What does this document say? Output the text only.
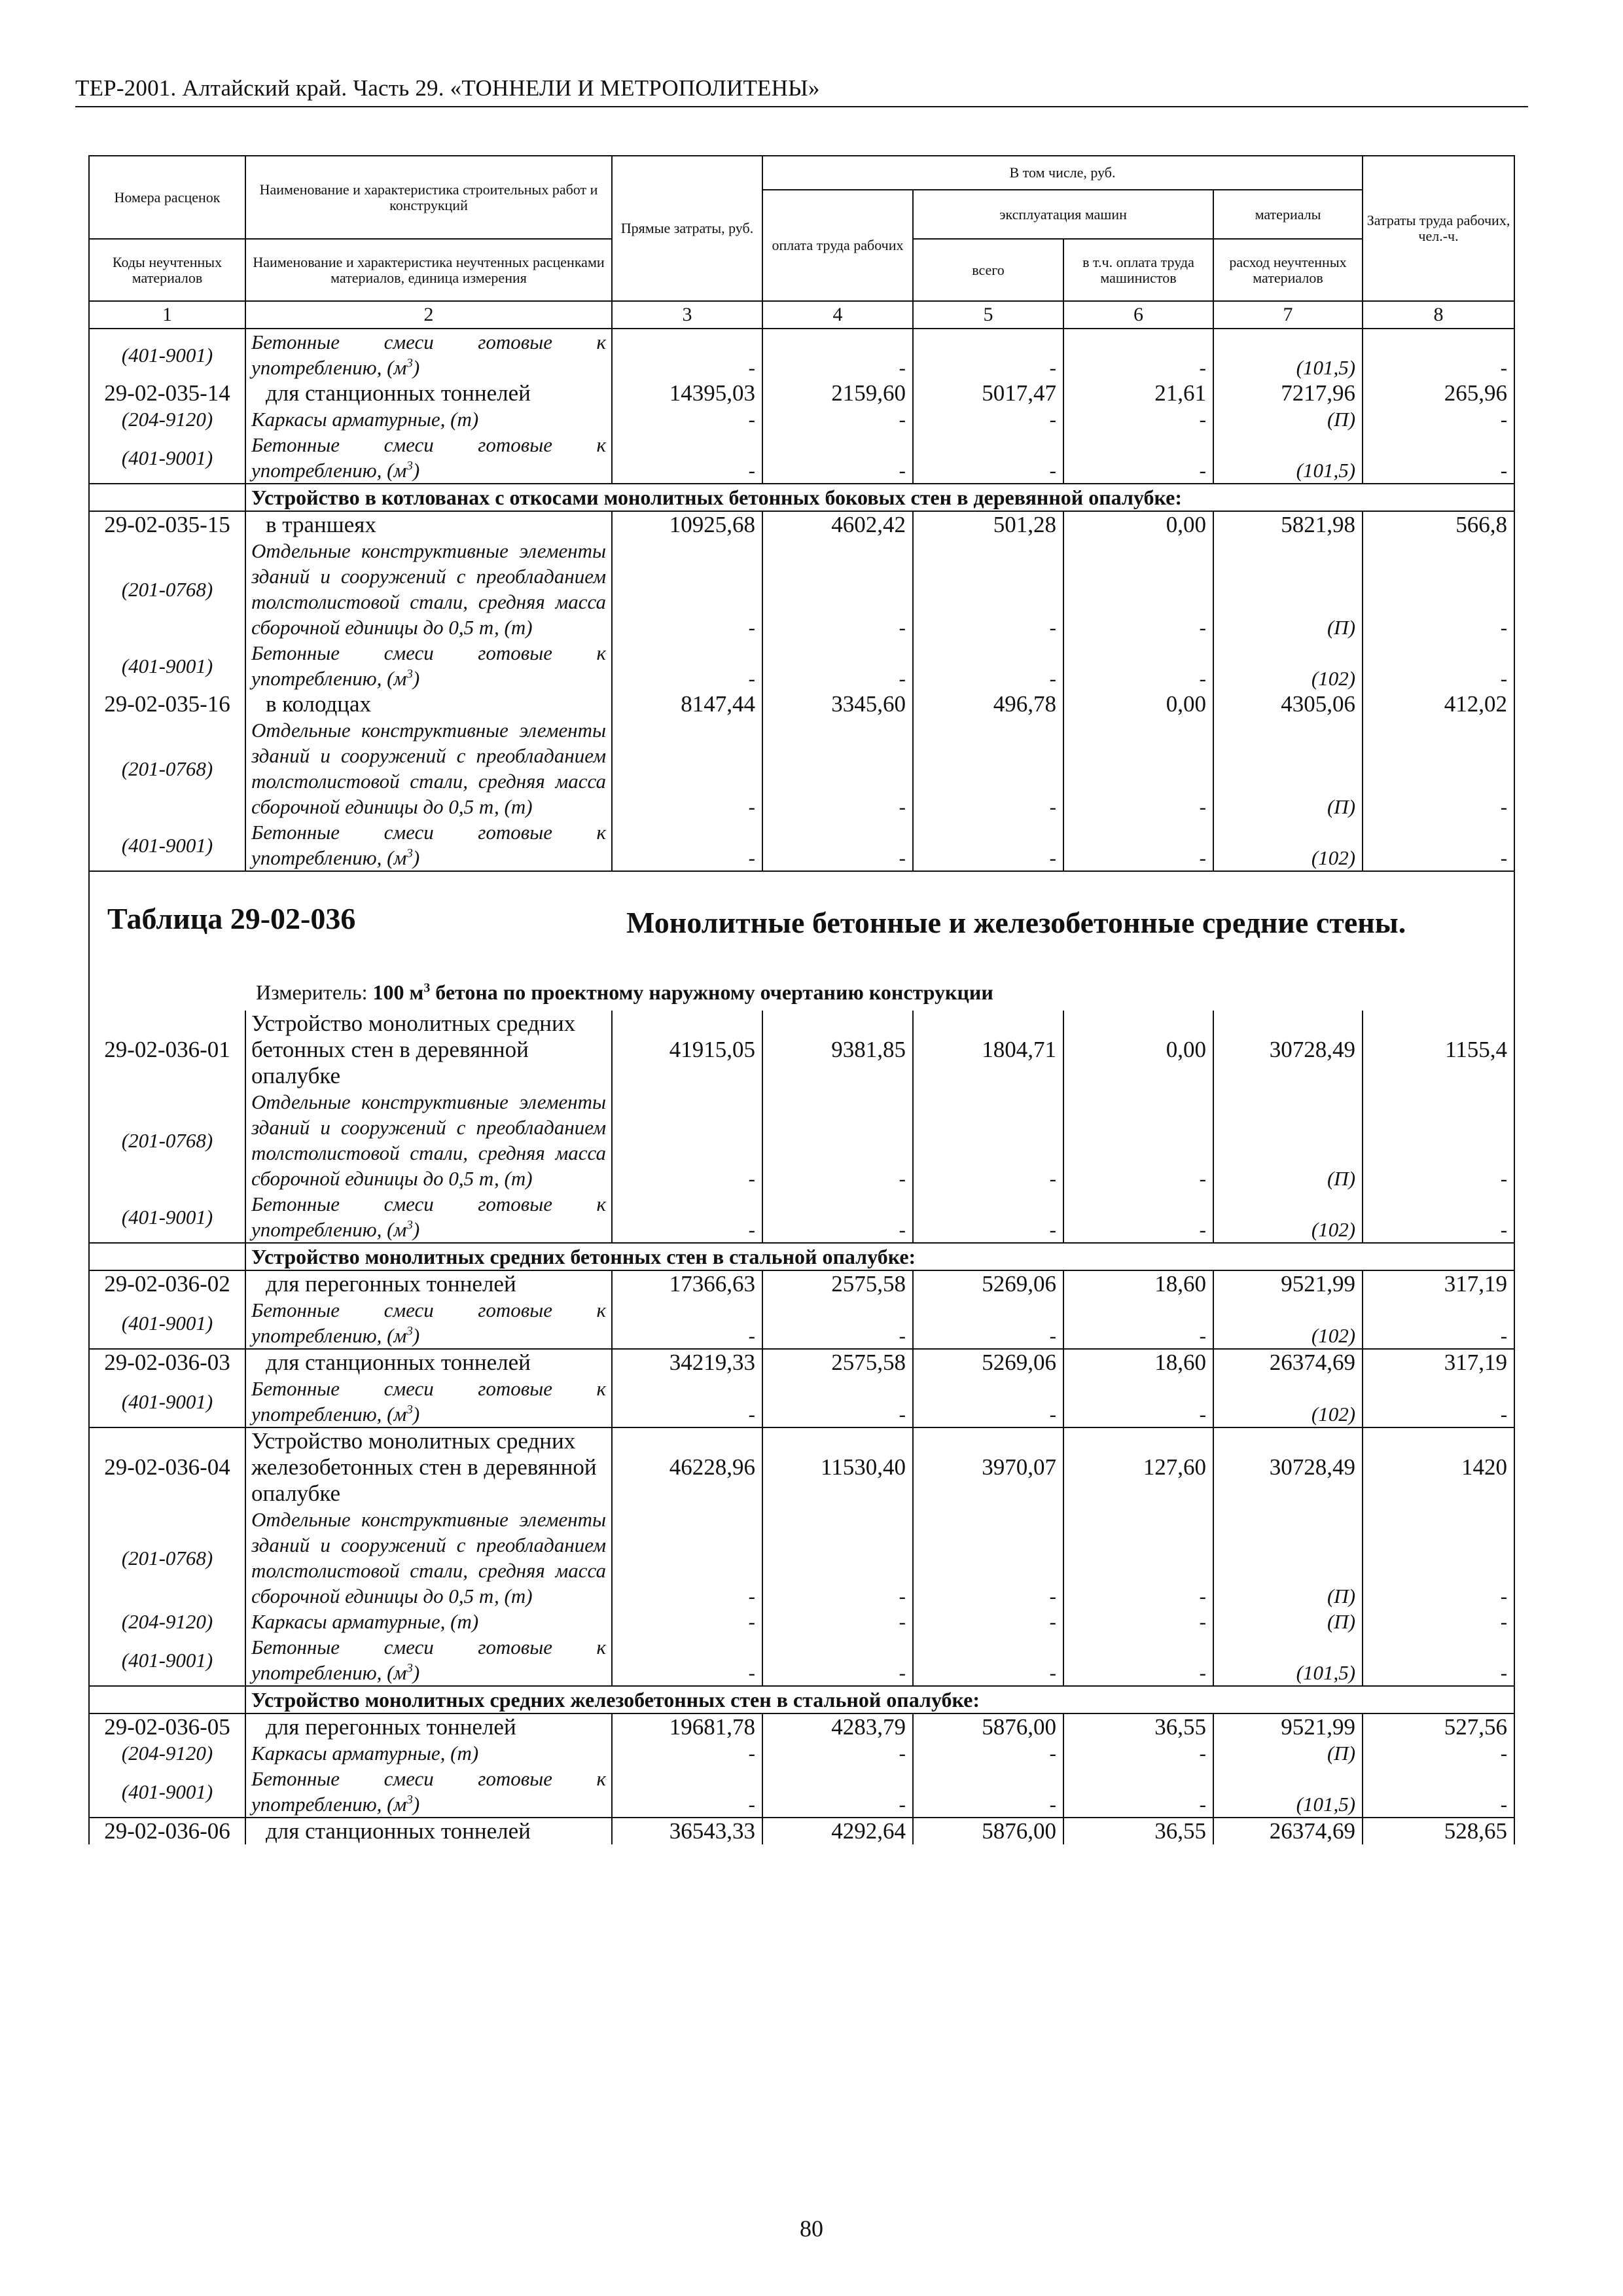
ТЕР-2001. Алтайский край. Часть 29. «ТОННЕЛИ И МЕТРОПОЛИТЕНЫ»
Номера расценок	Наименование и характеристика строительных работ и конструкций	Прямые затраты, руб.	В том числе, руб.				Затраты труда рабочих, чел.-ч.
			оплата труда рабочих	эксплуатация машин		материалы	
Коды неучтенных материалов	Наименование и характеристика неучтенных расценками материалов, единица измерения			всего	в т.ч. оплата труда машинистов	расход неучтенных материалов	
1	2	3	4	5	6	7	8
(401-9001)	Бетонные смеси готовые к употреблению, $(м^3)$	-	-	-	-	(101,5)	-
29-02-035-14	для станционных тоннелей	14395,03	2159,60	5017,47	21,61	7217,96	265,96
(204-9120)	Каркасы арматурные, (т)	-	-	-	-	(П)	-
(401-9001)	Бетонные смеси готовые к употреблению, $(м^3)$	-	-	-	-	(101,5)	-
	Устройство в котлованах с откосами монолитных бетонных боковых стен в деревянной опалубке:						
29-02-035-15	в траншеях	10925,68	4602,42	501,28	0,00	5821,98	566,8
(201-0768)	Отдельные конструктивные элементы зданий и сооружений с преобладанием толстолистовой стали, средняя масса сборочной единицы до 0,5 т, (т)	-	-	-	-	(П)	-
(401-9001)	Бетонные смеси готовые к употреблению, $(м^3)$	-	-	-	-	(102)	-
29-02-035-16	в колодцах	8147,44	3345,60	496,78	0,00	4305,06	412,02
(201-0768)	Отдельные конструктивные элементы зданий и сооружений с преобладанием толстолистовой стали, средняя масса сборочной единицы до 0,5 т, (т)	-	-	-	-	(П)	-
(401-9001)	Бетонные смеси готовые к употреблению, $(м^3)$	-	-	-	-	(102)	-

Таблица 29-02-036 Монолитные бетонные и железобетонные средние стены.
Измеритель: 100 $м^3$ бетона по проектному наружному очертанию конструкции							

29-02-036-01	Устройство монолитных средних бетонных стен в деревянной опалубке	41915,05	9381,85	1804,71	0,00	30728,49	1155,4
(201-0768)	Отдельные конструктивные элементы зданий и сооружений с преобладанием толстолистовой стали, средняя масса сборочной единицы до 0,5 т, (т)	-	-	-	-	(П)	-
(401-9001)	Бетонные смеси готовые к употреблению, $(м^3)$	-	-	-	-	(102)	-
	Устройство монолитных средних бетонных стен в стальной опалубке:						
29-02-036-02	для перегонных тоннелей	17366,63	2575,58	5269,06	18,60	9521,99	317,19
(401-9001)	Бетонные смеси готовые к употреблению, $(м^3)$	-	-	-	-	(102)	-
29-02-036-03	для станционных тоннелей	34219,33	2575,58	5269,06	18,60	26374,69	317,19
(401-9001)	Бетонные смеси готовые к употреблению, $(м^3)$	-	-	-	-	(102)	-
29-02-036-04	Устройство монолитных средних железобетонных стен в деревянной опалубке	46228,96	11530,40	3970,07	127,60	30728,49	1420
(201-0768)	Отдельные конструктивные элементы зданий и сооружений с преобладанием толстолистовой стали, средняя масса сборочной единицы до 0,5 т, (т)	-	-	-	-	(П)	-
(204-9120)	Каркасы арматурные, (т)	-	-	-	-	(П)	-
(401-9001)	Бетонные смеси готовые к употреблению, $(м^3)$	-	-	-	-	(101,5)	-
	Устройство монолитных средних железобетонных стен в стальной опалубке:						
29-02-036-05	для перегонных тоннелей	19681,78	4283,79	5876,00	36,55	9521,99	527,56
(204-9120)	Каркасы арматурные, (т)	-	-	-	-	(П)	-
(401-9001)	Бетонные смеси готовые к употреблению, $(м^3)$	-	-	-	-	(101,5)	-
29-02-036-06	для станционных тоннелей	36543,33	4292,64	5876,00	36,55	26374,69	528,65
80
